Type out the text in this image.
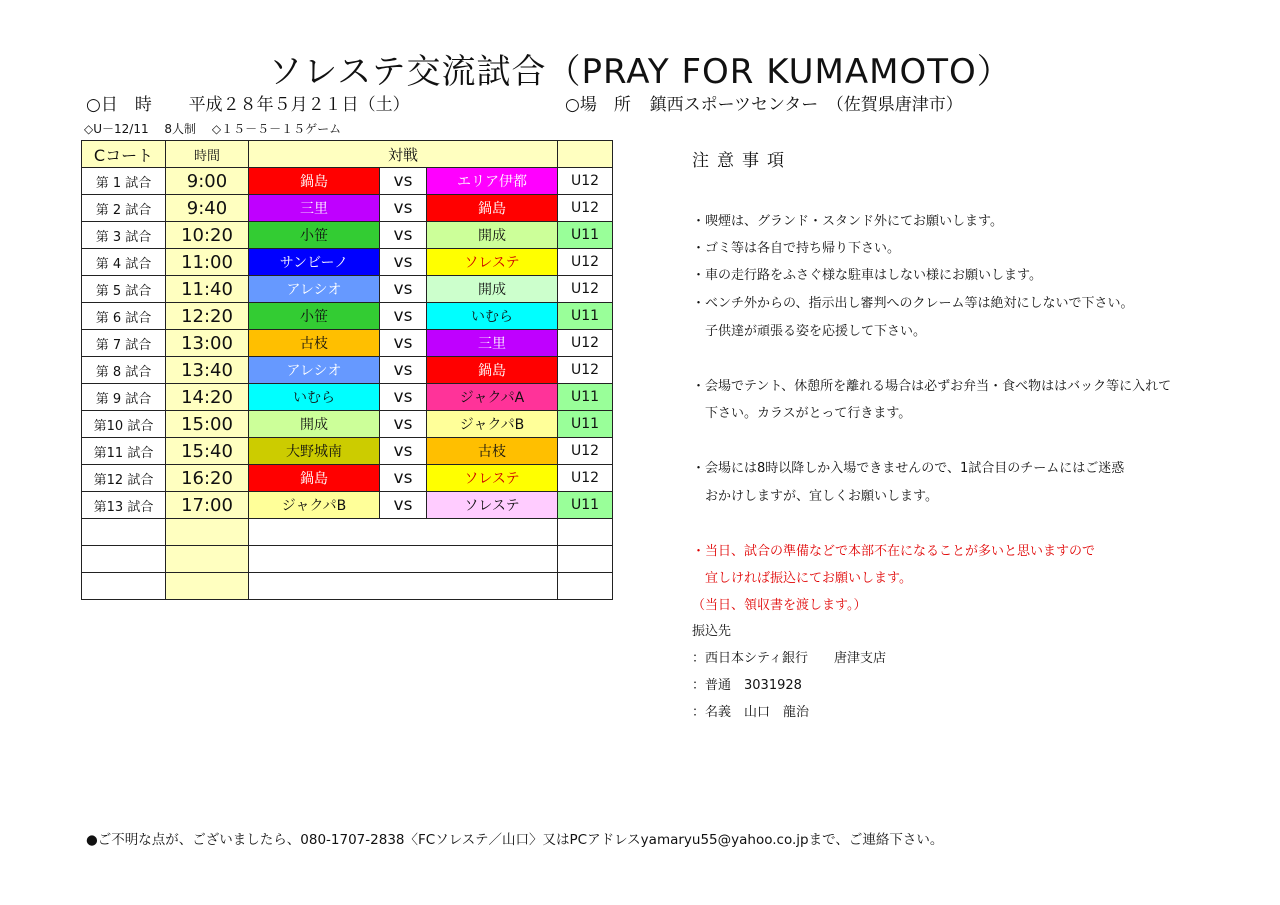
ソレステ交流試合（PRAY FOR KUMAMOTO）
○日　時 平成２８年５月２１日（土）	○場　所 鎮西スポーツセンター　（佐賀県唐津市）
◇U－12/11　 8人制　 ◇１５－５－１５ゲーム
Cコート	時間	対戦			
第 1 試合	9:00	鍋島	vs	エリア伊都	U12
第 2 試合	9:40	三里	vs	鍋島	U12
第 3 試合	10:20	小笹	vs	開成	U11
第 4 試合	11:00	サンビーノ	vs	ソレステ	U12
第 5 試合	11:40	アレシオ	vs	開成	U12
第 6 試合	12:20	小笹	vs	いむら	U11
第 7 試合	13:00	古枝	vs	三里	U12
第 8 試合	13:40	アレシオ	vs	鍋島	U12
第 9 試合	14:20	いむら	vs	ジャクパA	U11
第10 試合	15:00	開成	vs	ジャクパB	U11
第11 試合	15:40	大野城南	vs	古枝	U12
第12 試合	16:20	鍋島	vs	ソレステ	U12
第13 試合	17:00	ジャクパB	vs	ソレステ	U11

注意事項
・喫煙は、グランド・スタンド外にてお願いします。
・ゴミ等は各自で持ち帰り下さい。
・車の走行路をふさぐ様な駐車はしない様にお願いします。
・ベンチ外からの、指示出し審判へのクレーム等は絶対にしないで下さい。
　子供達が頑張る姿を応援して下さい。
・会場でテント、休憩所を離れる場合は必ずお弁当・食べ物ははバック等に入れて
　下さい。カラスがとって行きます。
・会場には8時以降しか入場できませんので、1試合目のチームにはご迷惑
　おかけしますが、宜しくお願いします。
・当日、試合の準備などで本部不在になることが多いと思いますので
　宜しければ振込にてお願いします。
（当日、領収書を渡します。）
振込先
：西日本シティ銀行　　唐津支店
：普通　3031928
：名義　山口　龍治
●ご不明な点が、ございましたら、080-1707-2838〈FCソレステ／山口〉又はPCアドレスyamaryu55@yahoo.co.jpまで、ご連絡下さい。
